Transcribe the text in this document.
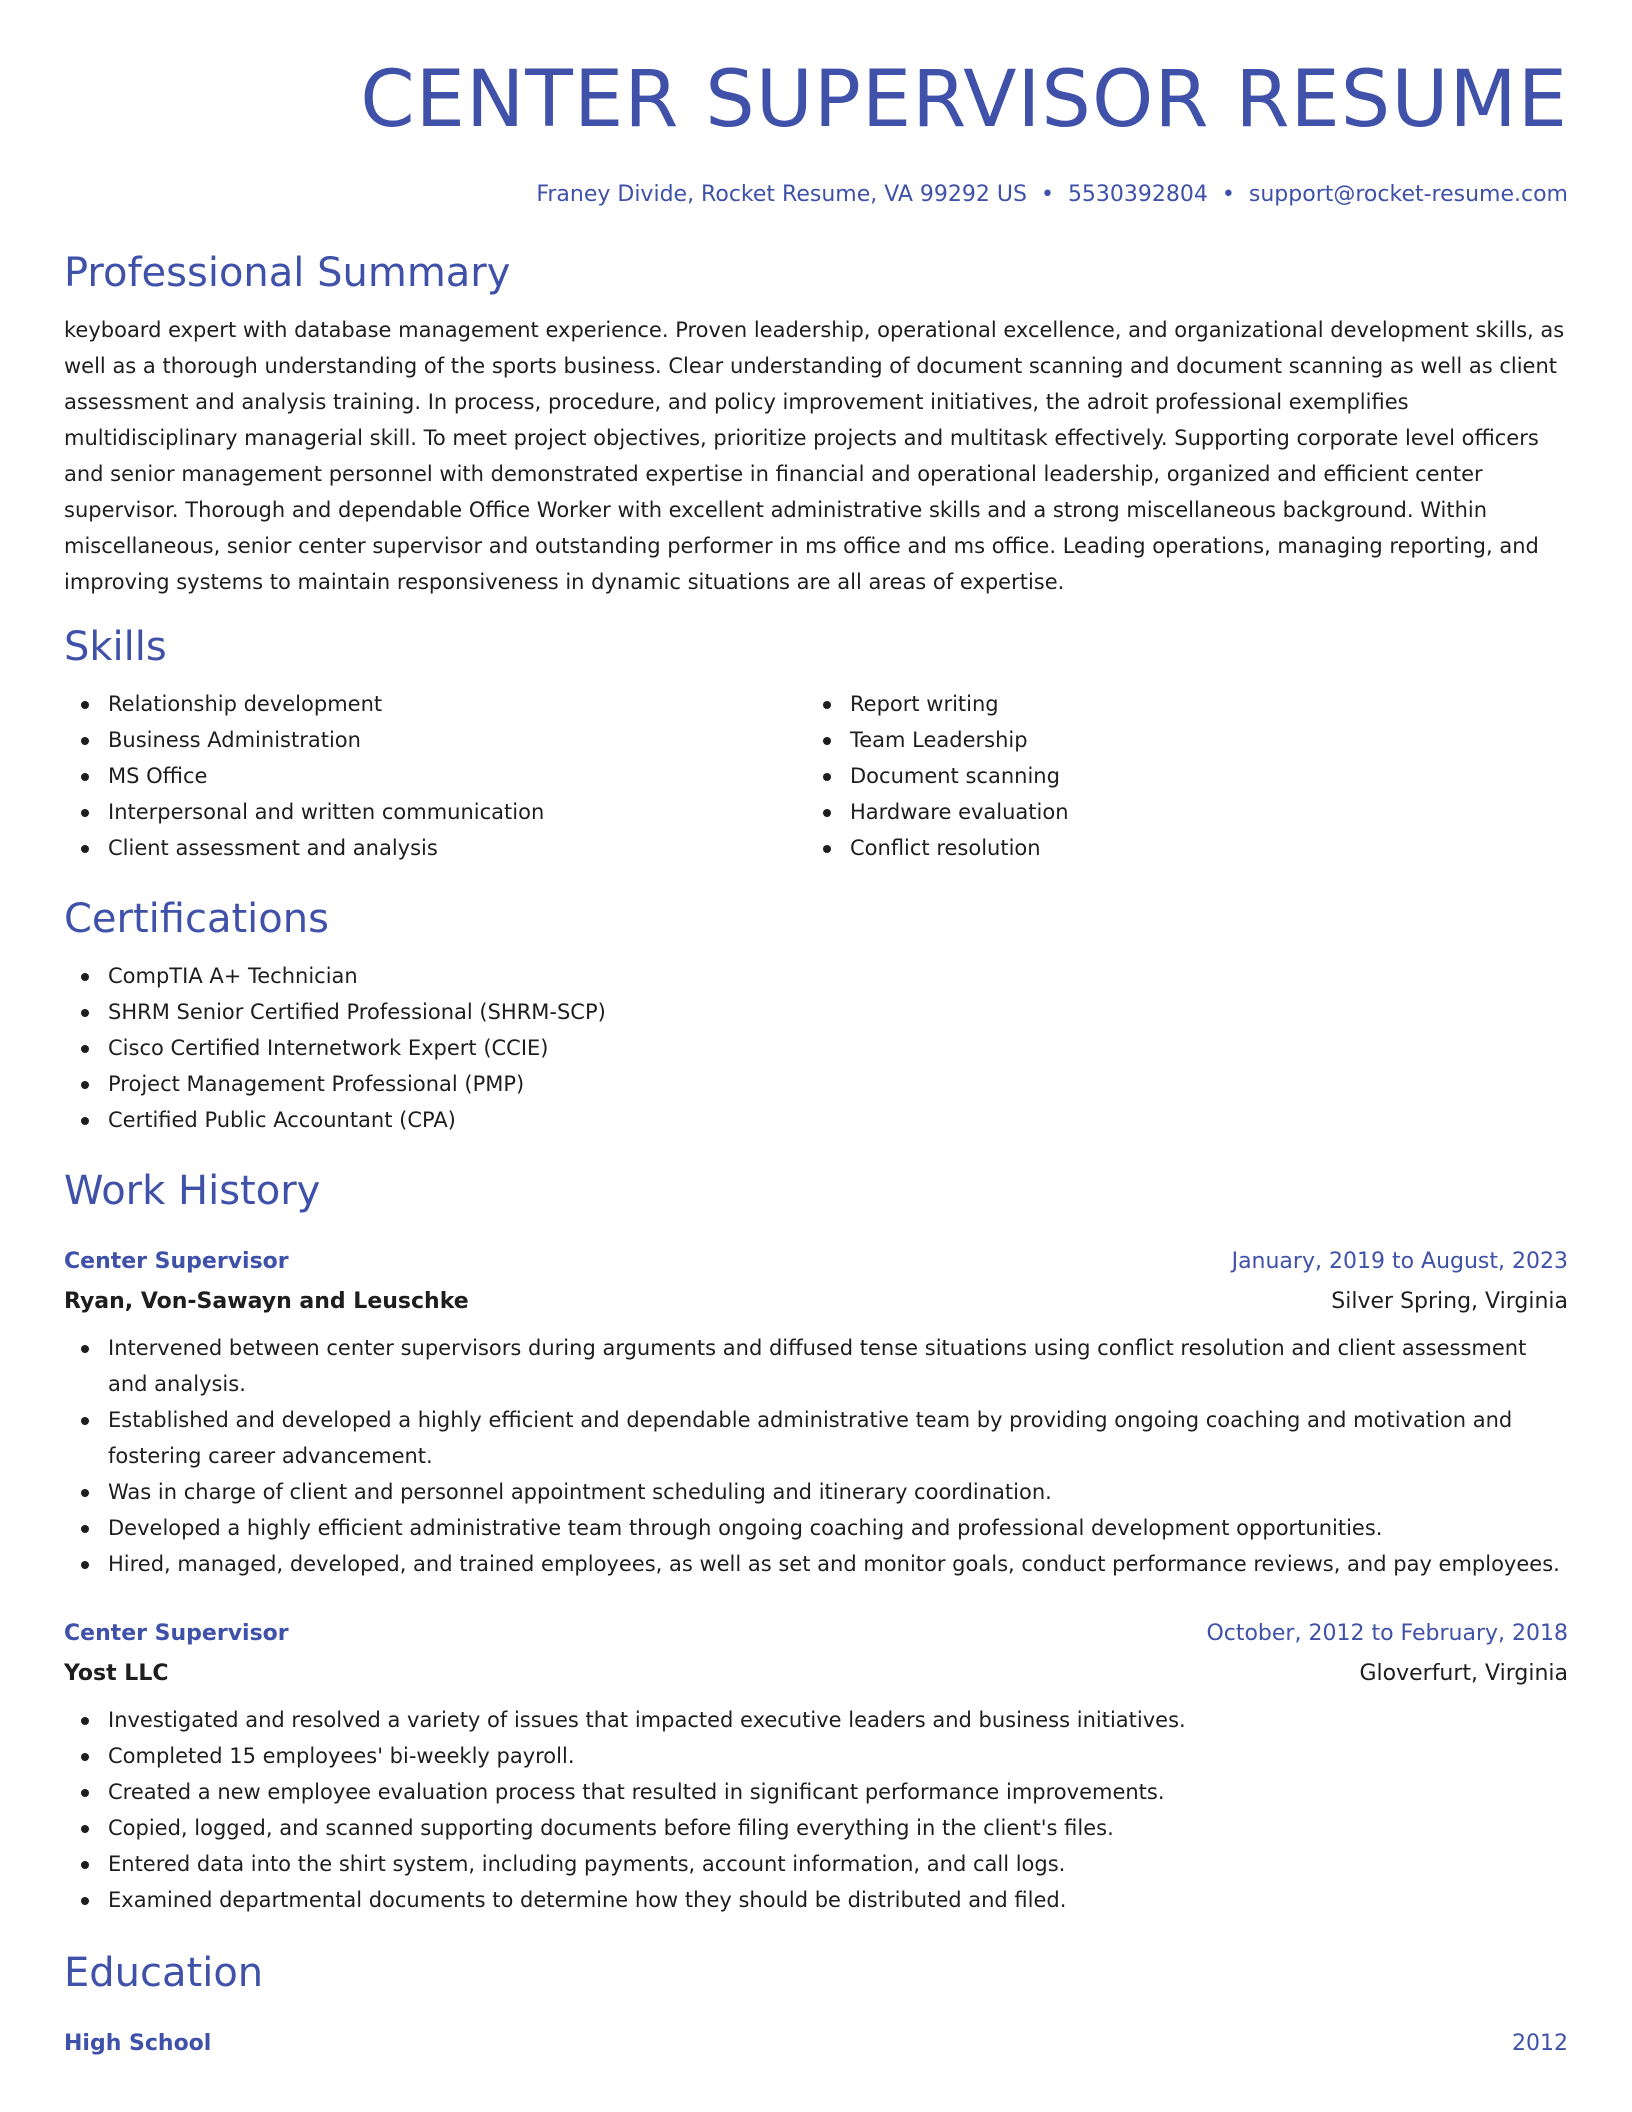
CENTER SUPERVISOR RESUME
Franey Divide, Rocket Resume, VA 99292 US • 5530392804 • support@rocket-resume.com
Professional Summary
keyboard expert with database management experience. Proven leadership, operational excellence, and organizational development skills, as well as a thorough understanding of the sports business. Clear understanding of document scanning and document scanning as well as client assessment and analysis training. In process, procedure, and policy improvement initiatives, the adroit professional exemplifies multidisciplinary managerial skill. To meet project objectives, prioritize projects and multitask effectively. Supporting corporate level officers and senior management personnel with demonstrated expertise in financial and operational leadership, organized and efficient center supervisor. Thorough and dependable Office Worker with excellent administrative skills and a strong miscellaneous background. Within miscellaneous, senior center supervisor and outstanding performer in ms office and ms office. Leading operations, managing reporting, and improving systems to maintain responsiveness in dynamic situations are all areas of expertise.
Skills
Relationship development
Business Administration
MS Office
Interpersonal and written communication
Client assessment and analysis
Report writing
Team Leadership
Document scanning
Hardware evaluation
Conflict resolution
Certifications
CompTIA A+ Technician
SHRM Senior Certified Professional (SHRM-SCP)
Cisco Certified Internetwork Expert (CCIE)
Project Management Professional (PMP)
Certified Public Accountant (CPA)
Work History
Center Supervisor	January, 2019 to August, 2023
Ryan, Von-Sawayn and Leuschke	Silver Spring, Virginia
Intervened between center supervisors during arguments and diffused tense situations using conflict resolution and client assessment and analysis.
Established and developed a highly efficient and dependable administrative team by providing ongoing coaching and motivation and fostering career advancement.
Was in charge of client and personnel appointment scheduling and itinerary coordination.
Developed a highly efficient administrative team through ongoing coaching and professional development opportunities.
Hired, managed, developed, and trained employees, as well as set and monitor goals, conduct performance reviews, and pay employees.
Center Supervisor	October, 2012 to February, 2018
Yost LLC	Gloverfurt, Virginia
Investigated and resolved a variety of issues that impacted executive leaders and business initiatives.
Completed 15 employees' bi-weekly payroll.
Created a new employee evaluation process that resulted in significant performance improvements.
Copied, logged, and scanned supporting documents before filing everything in the client's files.
Entered data into the shirt system, including payments, account information, and call logs.
Examined departmental documents to determine how they should be distributed and filed.
Education
High School	2012
